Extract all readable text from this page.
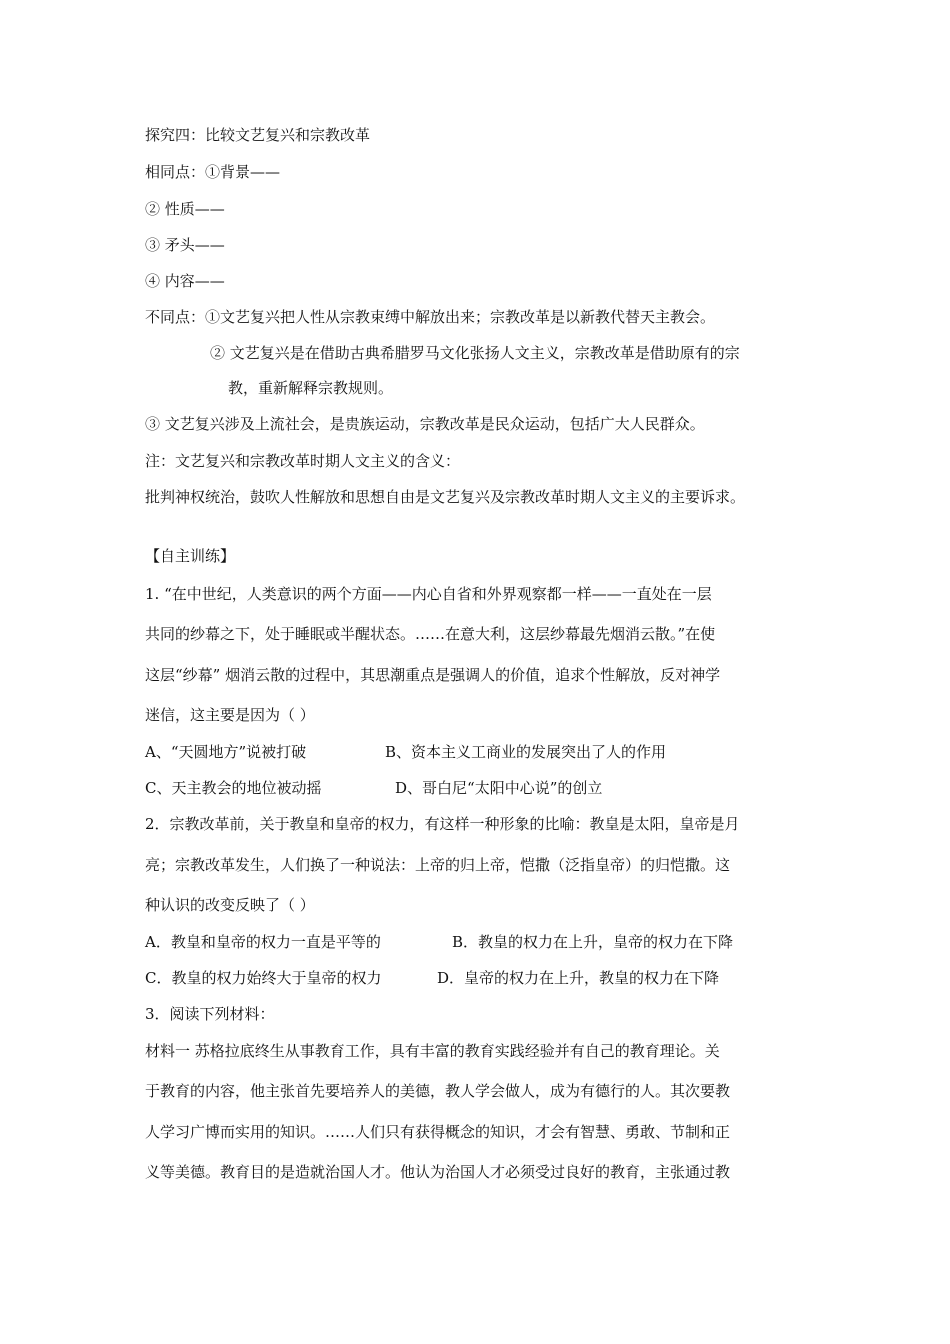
探究四：比较文艺复兴和宗教改革
相同点：①背景——
② 性质——
③ 矛头——
④ 内容——
不同点：①文艺复兴把人性从宗教束缚中解放出来；宗教改革是以新教代替天主教会。
② 文艺复兴是在借助古典希腊罗马文化张扬人文主义，宗教改革是借助原有的宗
教，重新解释宗教规则。
③ 文艺复兴涉及上流社会，是贵族运动，宗教改革是民众运动，包括广大人民群众。
注：文艺复兴和宗教改革时期人文主义的含义：
批判神权统治，鼓吹人性解放和思想自由是文艺复兴及宗教改革时期人文主义的主要诉求。
【自主训练】
1. “在中世纪，人类意识的两个方面——内心自省和外界观察都一样——一直处在一层
共同的纱幕之下，处于睡眠或半醒状态。……在意大利，这层纱幕最先烟消云散。”在使
这层“纱幕” 烟消云散的过程中，其思潮重点是强调人的价值，追求个性解放，反对神学
迷信，这主要是因为（ ）
A、“天圆地方”说被打破	B、资本主义工商业的发展突出了人的作用
C、天主教会的地位被动摇	D、哥白尼“太阳中心说”的创立
2．宗教改革前，关于教皇和皇帝的权力，有这样一种形象的比喻：教皇是太阳，皇帝是月
亮；宗教改革发生，人们换了一种说法：上帝的归上帝，恺撒（泛指皇帝）的归恺撒。这
种认识的改变反映了（ ）
A．教皇和皇帝的权力一直是平等的	B．教皇的权力在上升，皇帝的权力在下降
C．教皇的权力始终大于皇帝的权力	D．皇帝的权力在上升，教皇的权力在下降
3．阅读下列材料：
材料一 苏格拉底终生从事教育工作，具有丰富的教育实践经验并有自己的教育理论。关
于教育的内容，他主张首先要培养人的美德，教人学会做人，成为有德行的人。其次要教
人学习广博而实用的知识。……人们只有获得概念的知识，才会有智慧、勇敢、节制和正
义等美德。教育目的是造就治国人才。他认为治国人才必须受过良好的教育，主张通过教
